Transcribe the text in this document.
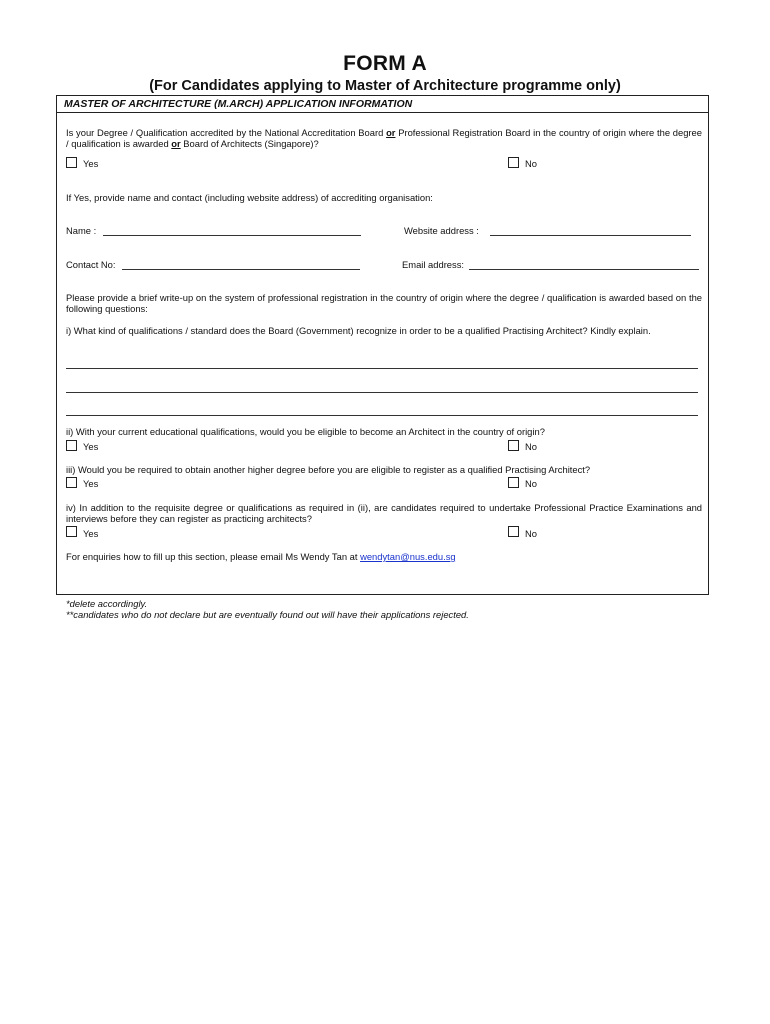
FORM A
(For Candidates applying to Master of Architecture programme only)
MASTER OF ARCHITECTURE (M.ARCH) APPLICATION INFORMATION
Is your Degree / Qualification accredited by the National Accreditation Board or Professional Registration Board in the country of origin where the degree / qualification is awarded or Board of Architects (Singapore)?
Yes	No
If Yes, provide name and contact (including website address) of accrediting organisation:
Name :	Website address :
Contact No:	Email address:
Please provide a brief write-up on the system of professional registration in the country of origin where the degree / qualification is awarded based on the following questions:
i) What kind of qualifications / standard does the Board (Government) recognize in order to be a qualified Practising Architect? Kindly explain.
ii) With your current educational qualifications, would you be eligible to become an Architect in the country of origin?
Yes	No
iii) Would you be required to obtain another higher degree before you are eligible to register as a qualified Practising Architect?
Yes	No
iv) In addition to the requisite degree or qualifications as required in (ii), are candidates required to undertake Professional Practice Examinations and interviews before they can register as practicing architects?
Yes	No
For enquiries how to fill up this section, please email Ms Wendy Tan at wendytan@nus.edu.sg
*delete accordingly.
**candidates who do not declare but are eventually found out will have their applications rejected.
